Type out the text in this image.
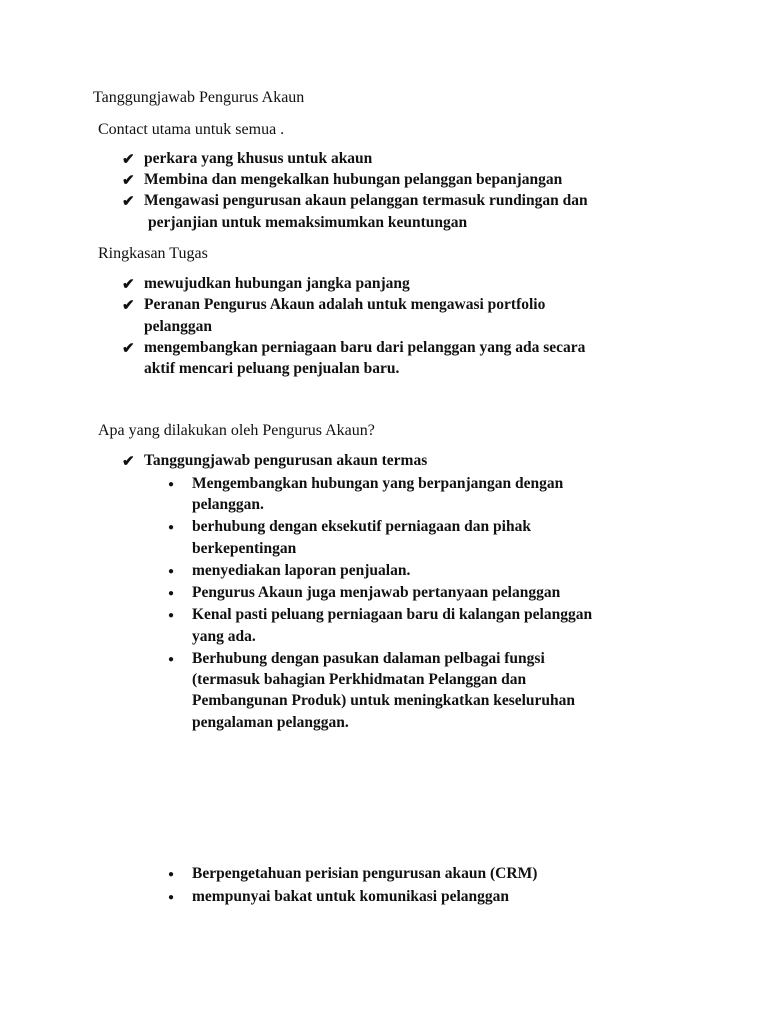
Tanggungjawab Pengurus Akaun
Contact utama untuk semua .
✔ perkara yang khusus untuk akaun
✔ Membina dan mengekalkan hubungan pelanggan bepanjangan
✔ Mengawasi pengurusan akaun pelanggan termasuk rundingan dan
perjanjian untuk memaksimumkan keuntungan
Ringkasan Tugas
✔ mewujudkan hubungan jangka panjang
✔ Peranan Pengurus Akaun adalah untuk mengawasi portfolio
pelanggan
✔ mengembangkan perniagaan baru dari pelanggan yang ada secara
aktif mencari peluang penjualan baru.
Apa yang dilakukan oleh Pengurus Akaun?
✔ Tanggungjawab pengurusan akaun termas
● Mengembangkan hubungan yang berpanjangan dengan
pelanggan.
● berhubung dengan eksekutif perniagaan dan pihak
berkepentingan
● menyediakan laporan penjualan.
● Pengurus Akaun juga menjawab pertanyaan pelanggan
● Kenal pasti peluang perniagaan baru di kalangan pelanggan
yang ada.
● Berhubung dengan pasukan dalaman pelbagai fungsi
(termasuk bahagian Perkhidmatan Pelanggan dan
Pembangunan Produk) untuk meningkatkan keseluruhan
pengalaman pelanggan.
● Berpengetahuan perisian pengurusan akaun (CRM)
● mempunyai bakat untuk komunikasi pelanggan
